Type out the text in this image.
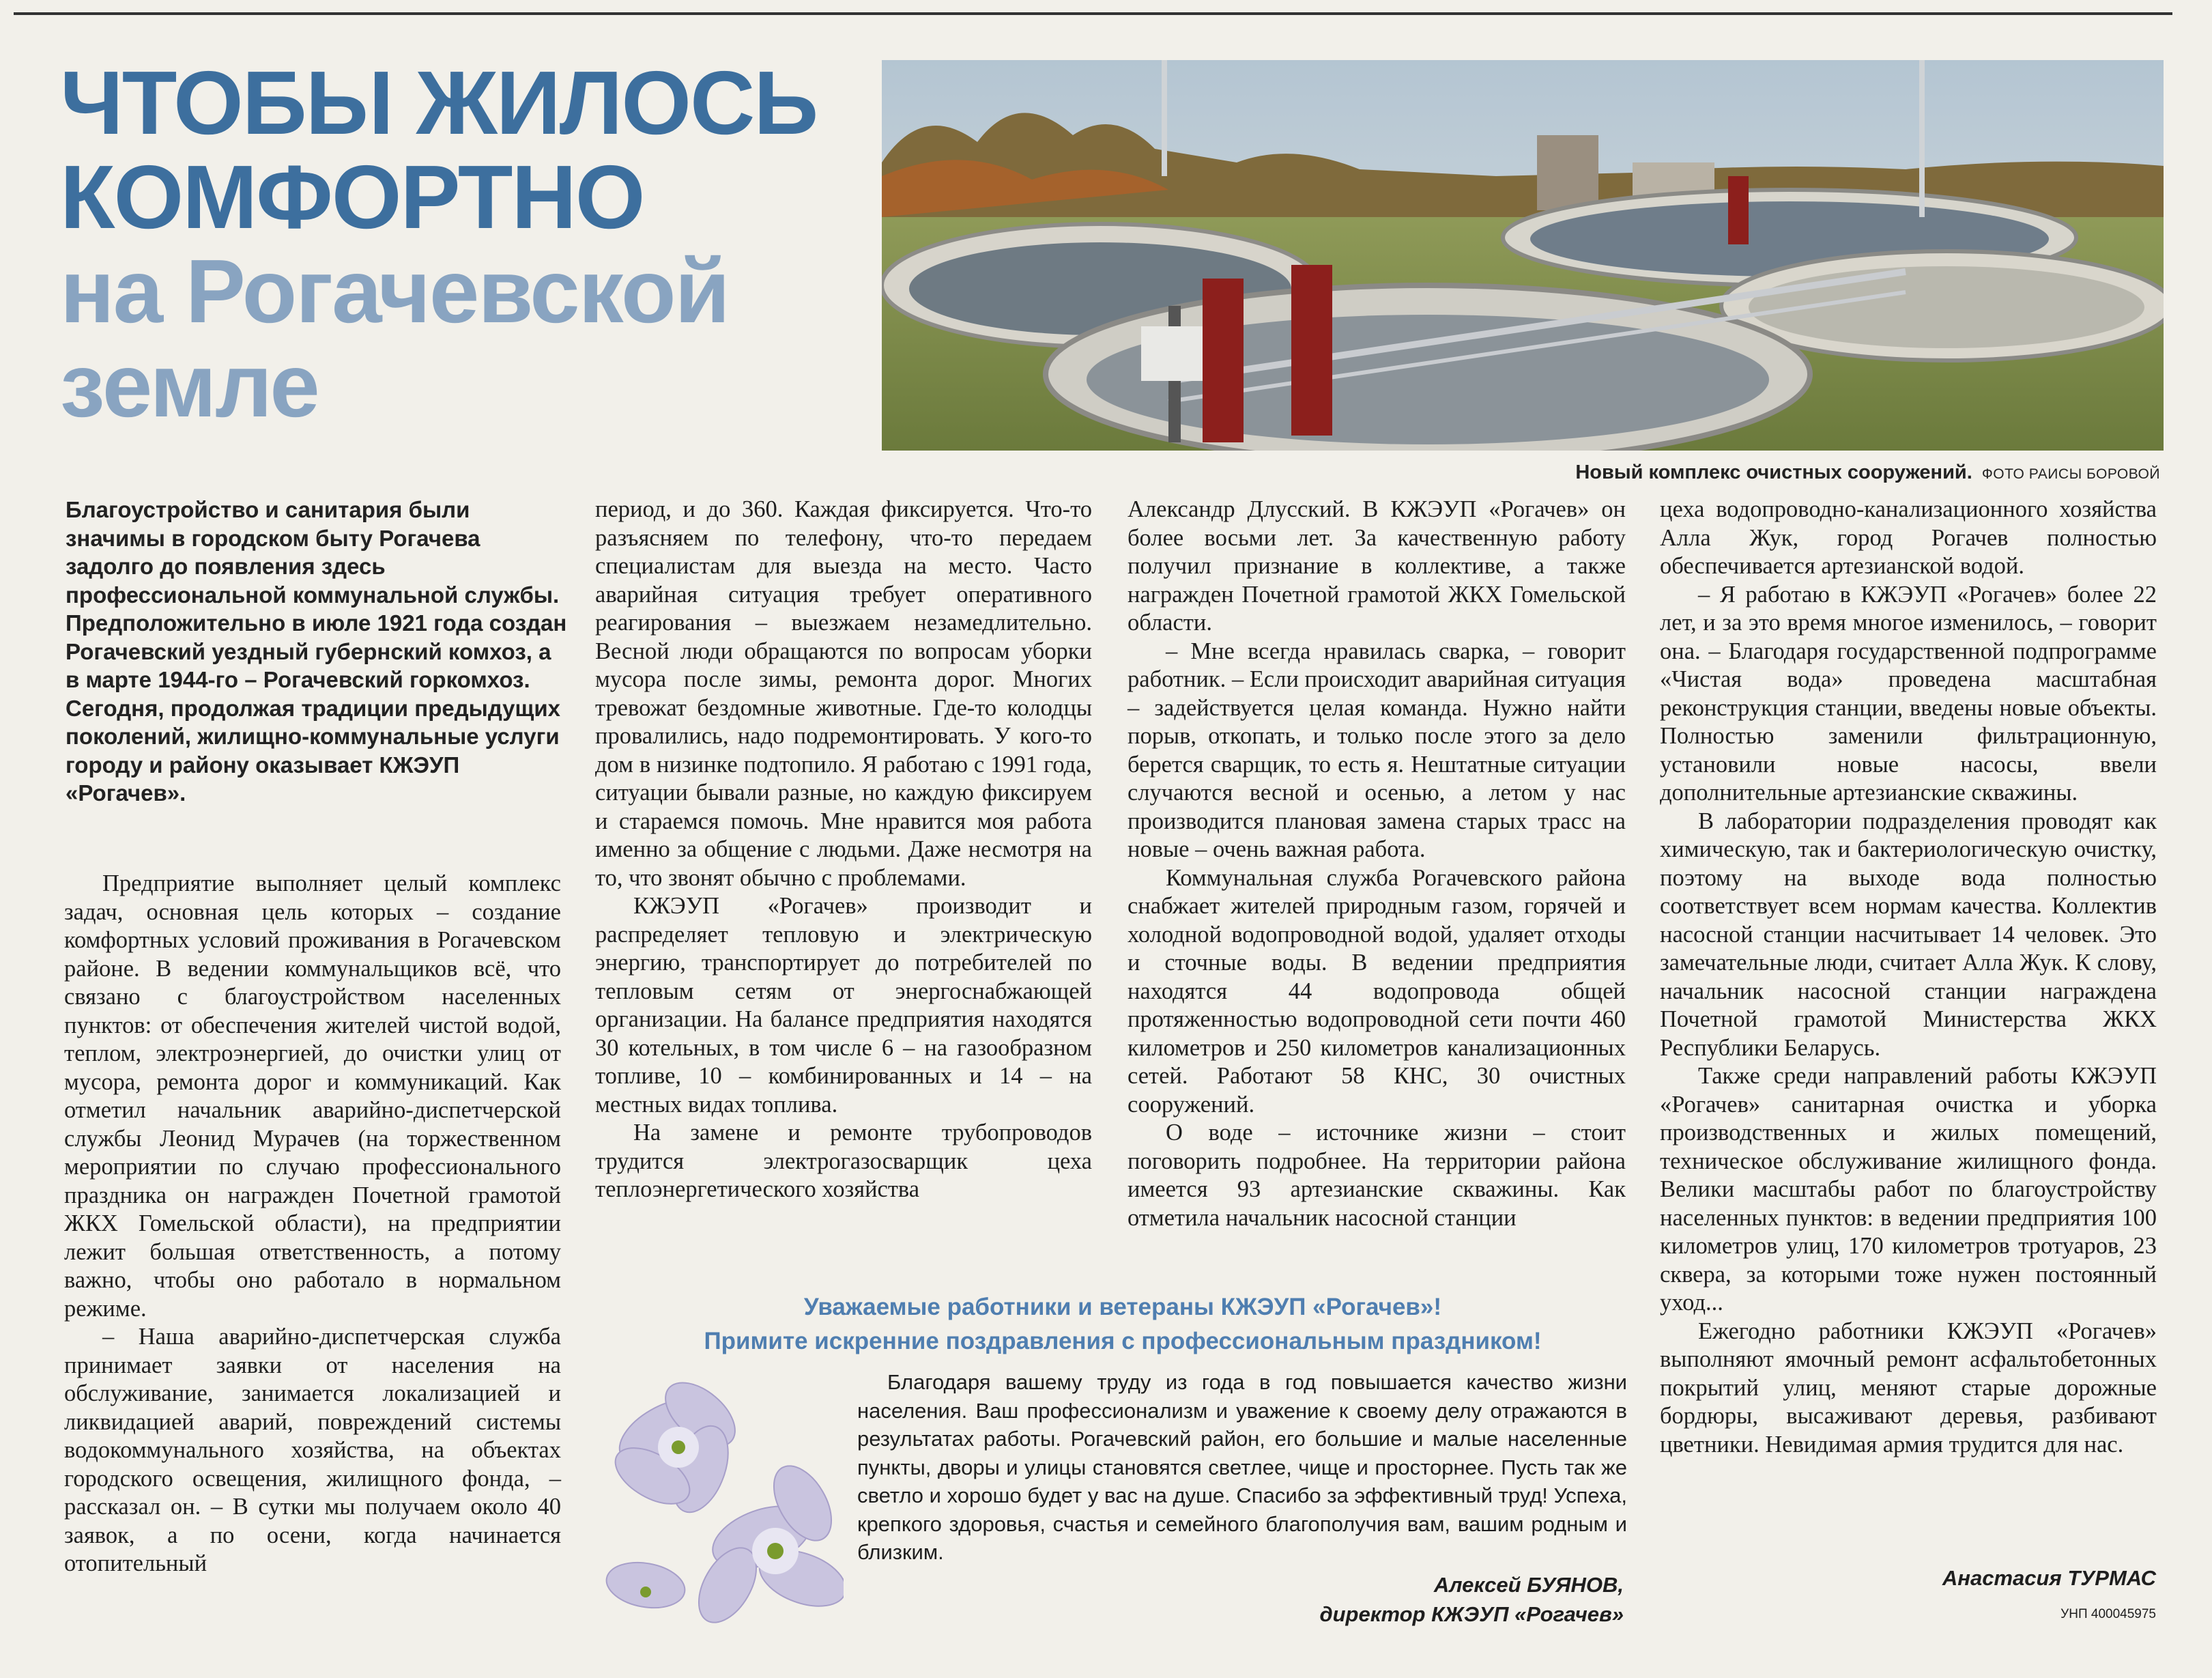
ЧТОБЫ ЖИЛОСЬ
КОМФОРТНО
на Рогачевской
земле
Новый комплекс очистных сооружений. ФОТО РАИСЫ БОРОВОЙ

Благоустройство и санитария были значимы в городском быту Рогачева задолго до появления здесь профессиональной коммунальной службы. Предположительно в июле 1921 года создан Рогачевский уездный губернский комхоз, а в марте 1944-го – Рогачевский горкомхоз. Сегодня, продолжая традиции предыдущих поколений, жилищно-коммунальные услуги городу и району оказывает КЖЭУП «Рогачев».

Предприятие выполняет целый комплекс задач, основная цель которых – создание комфортных условий проживания в Рогачевском районе. В ведении коммунальщиков всё, что связано с благоустройством населенных пунктов: от обеспечения жителей чистой водой, теплом, электроэнергией, до очистки улиц от мусора, ремонта дорог и коммуникаций. Как отметил начальник аварийно-диспетчерской службы Леонид Мурачев (на торжественном мероприятии по случаю профессионального праздника он награжден Почетной грамотой ЖКХ Гомельской области), на предприятии лежит большая ответственность, а потому важно, чтобы оно работало в нормальном режиме.

– Наша аварийно-диспетчерская служба принимает заявки от населения на обслуживание, занимается локализацией и ликвидацией аварий, повреждений системы водокоммунального хозяйства, на объектах городского освещения, жилищного фонда, – рассказал он. – В сутки мы получаем около 40 заявок, а по осени, когда начинается отопительный

период, и до 360. Каждая фиксируется. Что-то разъясняем по телефону, что-то передаем специалистам для выезда на место. Часто аварийная ситуация требует оперативного реагирования – выезжаем незамедлительно. Весной люди обращаются по вопросам уборки мусора после зимы, ремонта дорог. Многих тревожат бездомные животные. Где-то колодцы провалились, надо подремонтировать. У кого-то дом в низинке подтопило. Я работаю с 1991 года, ситуации бывали разные, но каждую фиксируем и стараемся помочь. Мне нравится моя работа именно за общение с людьми. Даже несмотря на то, что звонят обычно с проблемами.

КЖЭУП «Рогачев» производит и распределяет тепловую и электрическую энергию, транспортирует до потребителей по тепловым сетям от энергоснабжающей организации. На балансе предприятия находятся 30 котельных, в том числе 6 – на газообразном топливе, 10 – комбинированных и 14 – на местных видах топлива.

На замене и ремонте трубопроводов трудится электрогазосварщик цеха теплоэнергетического хозяйства

Александр Длусский. В КЖЭУП «Рогачев» он более восьми лет. За качественную работу получил признание в коллективе, а также награжден Почетной грамотой ЖКХ Гомельской области.

– Мне всегда нравилась сварка, – говорит работник. – Если происходит аварийная ситуация – задействуется целая команда. Нужно найти порыв, откопать, и только после этого за дело берется сварщик, то есть я. Нештатные ситуации случаются весной и осенью, а летом у нас производится плановая замена старых трасс на новые – очень важная работа.

Коммунальная служба Рогачевского района снабжает жителей природным газом, горячей и холодной водопроводной водой, удаляет отходы и сточные воды. В ведении предприятия находятся 44 водопровода общей протяженностью водопроводной сети почти 460 километров и 250 километров канализационных сетей. Работают 58 КНС, 30 очистных сооружений.

О воде – источнике жизни – стоит поговорить подробнее. На территории района имеется 93 артезианские скважины. Как отметила начальник насосной станции

цеха водопроводно-канализационного хозяйства Алла Жук, город Рогачев полностью обеспечивается артезианской водой.

– Я работаю в КЖЭУП «Рогачев» более 22 лет, и за это время многое изменилось, – говорит она. – Благодаря государственной подпрограмме «Чистая вода» проведена масштабная реконструкция станции, введены новые объекты. Полностью заменили фильтрационную, установили новые насосы, ввели дополнительные артезианские скважины.

В лаборатории подразделения проводят как химическую, так и бактериологическую очистку, поэтому на выходе вода полностью соответствует всем нормам качества. Коллектив насосной станции насчитывает 14 человек. Это замечательные люди, считает Алла Жук. К слову, начальник насосной станции награждена Почетной грамотой Министерства ЖКХ Республики Беларусь.

Также среди направлений работы КЖЭУП «Рогачев» санитарная очистка и уборка производственных и жилых помещений, техническое обслуживание жилищного фонда. Велики масштабы работ по благоустройству населенных пунктов: в ведении предприятия 100 километров улиц, 170 километров тротуаров, 23 сквера, за которыми тоже нужен постоянный уход...

Ежегодно работники КЖЭУП «Рогачев» выполняют ямочный ремонт асфальтобетонных покрытий улиц, меняют старые дорожные бордюры, высаживают деревья, разбивают цветники. Невидимая армия трудится для нас.

Уважаемые работники и ветераны КЖЭУП «Рогачев»!
Примите искренние поздравления с профессиональным праздником!

Благодаря вашему труду из года в год повышается качество жизни населения. Ваш профессионализм и уважение к своему делу отражаются в результатах работы. Рогачевский район, его большие и малые населенные пункты, дворы и улицы становятся светлее, чище и просторнее. Пусть так же светло и хорошо будет у вас на душе. Спасибо за эффективный труд! Успеха, крепкого здоровья, счастья и семейного благополучия вам, вашим родным и близким.

Алексей БУЯНОВ,
директор КЖЭУП «Рогачев»
Анастасия ТУРМАС
УНП 400045975
